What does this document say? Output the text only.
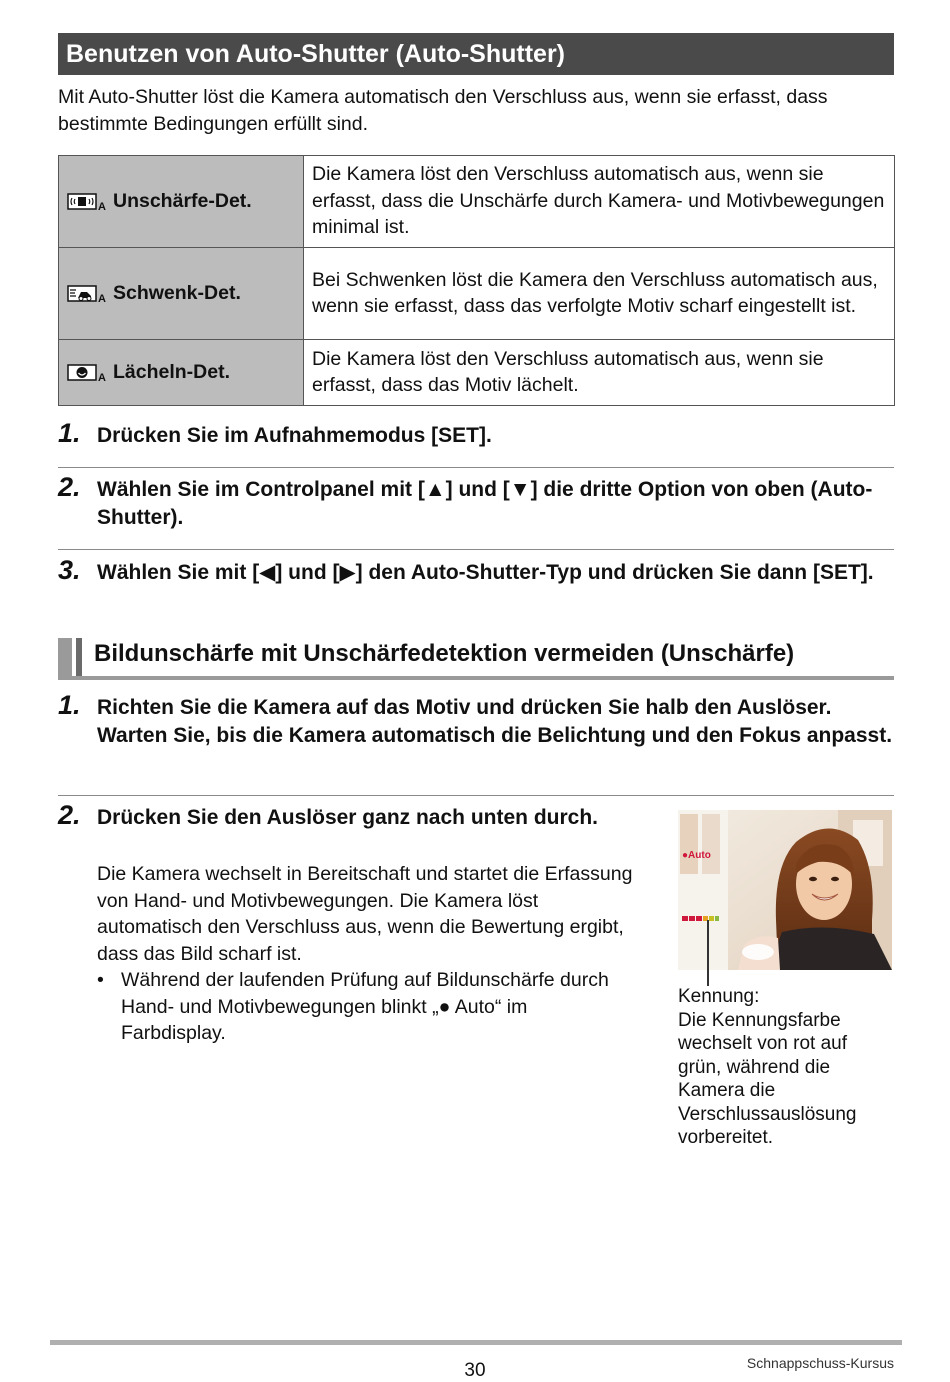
Benutzen von Auto-Shutter (Auto-Shutter)
Mit Auto-Shutter löst die Kamera automatisch den Verschluss aus, wenn sie erfasst, dass bestimmte Bedingungen erfüllt sind.
A Unschärfe-Det.	Die Kamera löst den Verschluss automatisch aus, wenn sie erfasst, dass die Unschärfe durch Kamera- und Motivbewegungen minimal ist.

A Schwenk-Det.	Bei Schwenken löst die Kamera den Verschluss automatisch aus, wenn sie erfasst, dass das verfolgte Motiv scharf eingestellt ist.

A Lächeln-Det.	Die Kamera löst den Verschluss automatisch aus, wenn sie erfasst, dass das Motiv lächelt.
1. Drücken Sie im Aufnahmemodus [SET].
2. Wählen Sie im Controlpanel mit [▲] und [▼] die dritte Option von oben (Auto-Shutter).
3. Wählen Sie mit [◀] und [▶] den Auto-Shutter-Typ und drücken Sie dann [SET].
Bildunschärfe mit Unschärfedetektion vermeiden (Unschärfe)
1. Richten Sie die Kamera auf das Motiv und drücken Sie halb den Auslöser. Warten Sie, bis die Kamera automatisch die Belichtung und den Fokus anpasst.
2. Drücken Sie den Auslöser ganz nach unten durch.
Die Kamera wechselt in Bereitschaft und startet die Erfassung von Hand- und Motivbewegungen. Die Kamera löst automatisch den Verschluss aus, wenn die Bewertung ergibt, dass das Bild scharf ist.
• Während der laufenden Prüfung auf Bildunschärfe durch Hand- und Motivbewegungen blinkt „● Auto“ im Farbdisplay.
●Auto
Kennung:
Die Kennungsfarbe wechselt von rot auf grün, während die Kamera die Verschlussauslösung vorbereitet.
30	Schnappschuss-Kursus
